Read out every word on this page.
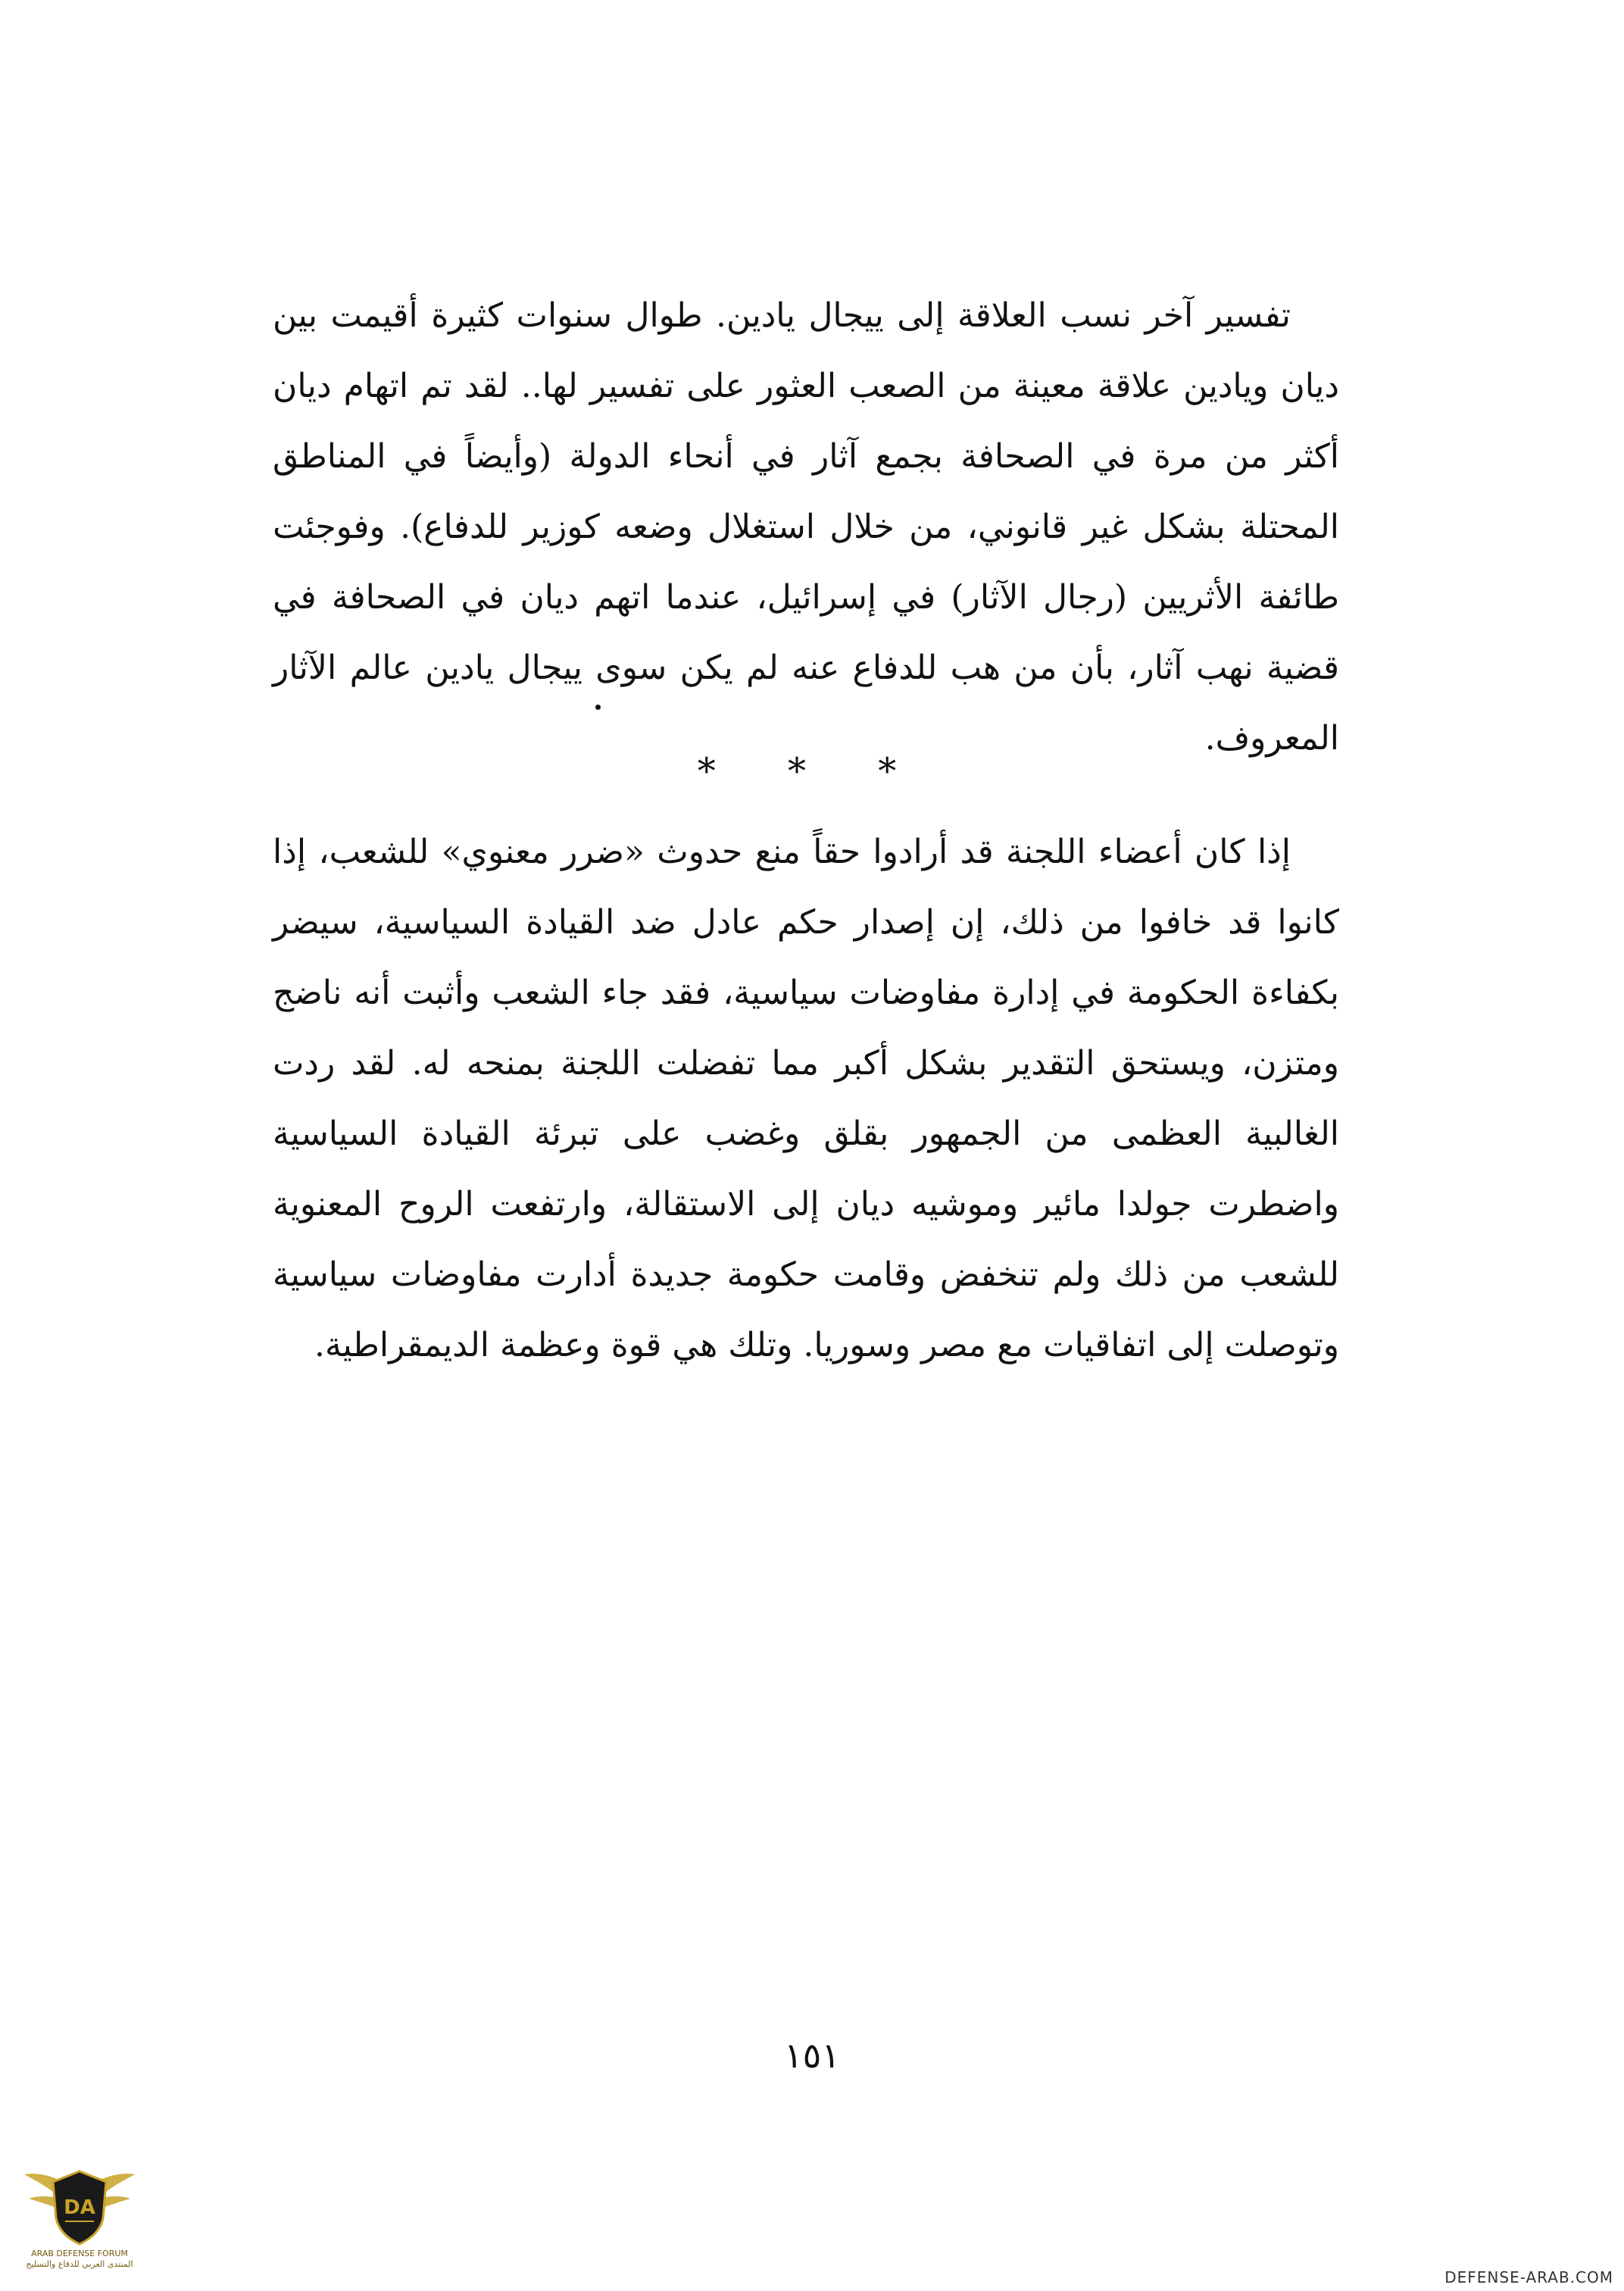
تفسير آخر نسب العلاقة إلى ييجال يادين. طوال سنوات كثيرة أقيمت بين ديان ويادين علاقة معينة من الصعب العثور على تفسير لها.. لقد تم اتهام ديان أكثر من مرة في الصحافة بجمع آثار في أنحاء الدولة (وأيضاً في المناطق المحتلة بشكل غير قانوني، من خلال استغلال وضعه كوزير للدفاع). وفوجئت طائفة الأثريين (رجال الآثار) في إسرائيل، عندما اتهم ديان في الصحافة في قضية نهب آثار، بأن من هب للدفاع عنه لم يكن سوى ييجال يادين عالم الآثار المعروف.

* * *

إذا كان أعضاء اللجنة قد أرادوا حقاً منع حدوث «ضرر معنوي» للشعب، إذا كانوا قد خافوا من ذلك، إن إصدار حكم عادل ضد القيادة السياسية، سيضر بكفاءة الحكومة في إدارة مفاوضات سياسية، فقد جاء الشعب وأثبت أنه ناضج ومتزن، ويستحق التقدير بشكل أكبر مما تفضلت اللجنة بمنحه له. لقد ردت الغالبية العظمى من الجمهور بقلق وغضب على تبرئة القيادة السياسية واضطرت جولدا مائير وموشيه ديان إلى الاستقالة، وارتفعت الروح المعنوية للشعب من ذلك ولم تنخفض وقامت حكومة جديدة أدارت مفاوضات سياسية وتوصلت إلى اتفاقيات مع مصر وسوريا. وتلك هي قوة وعظمة الديمقراطية.

١٥١
DA
ARAB DEFENSE FORUM
المنتدى العربي للدفاع والتسليح
DEFENSE-ARAB.COM
